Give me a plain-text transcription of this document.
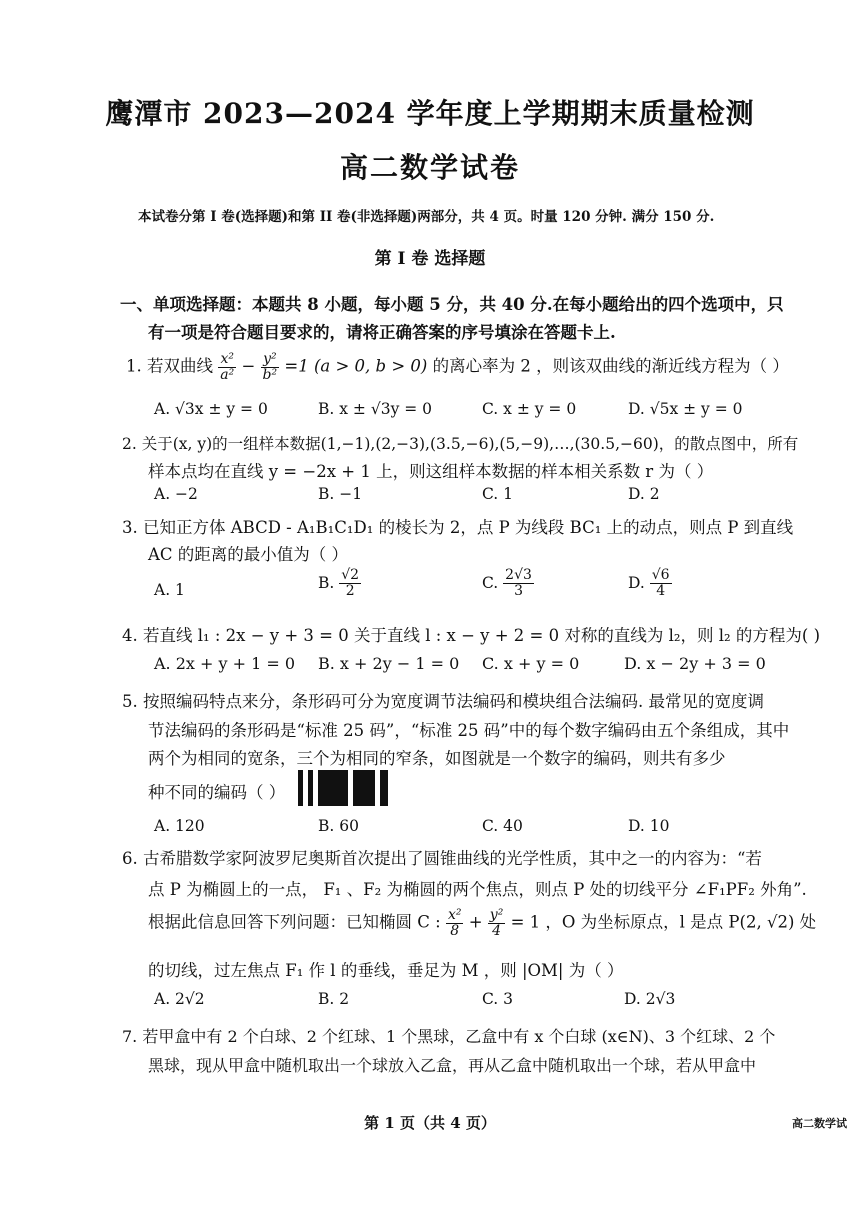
鹰潭市 2023—2024 学年度上学期期末质量检测
高二数学试卷
本试卷分第 I 卷(选择题)和第 II 卷(非选择题)两部分，共 4 页。时量 120 分钟. 满分 150 分.
第 I 卷 选择题
一、单项选择题：本题共 8 小题，每小题 5 分，共 40 分.在每小题给出的四个选项中，只
有一项是符合题目要求的，请将正确答案的序号填涂在答题卡上.
1. 若双曲线 $\frac{\text{x²}}{\text{a²}} - \frac{\text{y²}}{\text{b²}} =1$ (a > 0, b > 0) 的离心率为 2 ，则该双曲线的渐近线方程为（ ）
A. √3x ± y = 0	B. x ± √3y = 0	C. x ± y = 0	D. √5x ± y = 0
2. 关于(x, y)的一组样本数据(1,−1),(2,−3),(3.5,−6),(5,−9),…,(30.5,−60)，的散点图中，所有
样本点均在直线 y = −2x + 1 上，则这组样本数据的样本相关系数 r 为（ ）
A. −2	B. −1	C. 1	D. 2
3. 已知正方体 ABCD - A₁B₁C₁D₁ 的棱长为 2，点 P 为线段 BC₁ 上的动点，则点 P 到直线
AC 的距离的最小值为（ ）
A. 1	B. $\frac{√2}{2}$	C. $\frac{2√3}{3}$	D. $\frac{√6}{4}$
4. 若直线 l₁ : 2x − y + 3 = 0 关于直线 l : x − y + 2 = 0 对称的直线为 l₂，则 l₂ 的方程为( )
A. 2x + y + 1 = 0 B. x + 2y − 1 = 0 C. x + y = 0	D. x − 2y + 3 = 0
5. 按照编码特点来分，条形码可分为宽度调节法编码和模块组合法编码. 最常见的宽度调
节法编码的条形码是“标准 25 码”，“标准 25 码”中的每个数字编码由五个条组成，其中
两个为相同的宽条，三个为相同的窄条，如图就是一个数字的编码，则共有多少
种不同的编码（ ）
A. 120	B. 60	C. 40	D. 10
6. 古希腊数学家阿波罗尼奥斯首次提出了圆锥曲线的光学性质，其中之一的内容为：“若
点 P 为椭圆上的一点， F₁ 、F₂ 为椭圆的两个焦点，则点 P 处的切线平分 ∠F₁PF₂ 外角”.
根据此信息回答下列问题：已知椭圆 C : $\frac{\text{x²}}{8} + \frac{\text{y²}}{4} = 1$ ，O 为坐标原点，l 是点 P(2, √2) 处
的切线，过左焦点 F₁ 作 l 的垂线，垂足为 M ，则 |OM| 为（ ）
A. 2√2	B. 2	C. 3	D. 2√3
7. 若甲盒中有 2 个白球、2 个红球、1 个黑球，乙盒中有 x 个白球 (x∈N)、3 个红球、2 个
黑球，现从甲盒中随机取出一个球放入乙盒，再从乙盒中随机取出一个球，若从甲盒中
第 1 页（共 4 页）	高二数学试
